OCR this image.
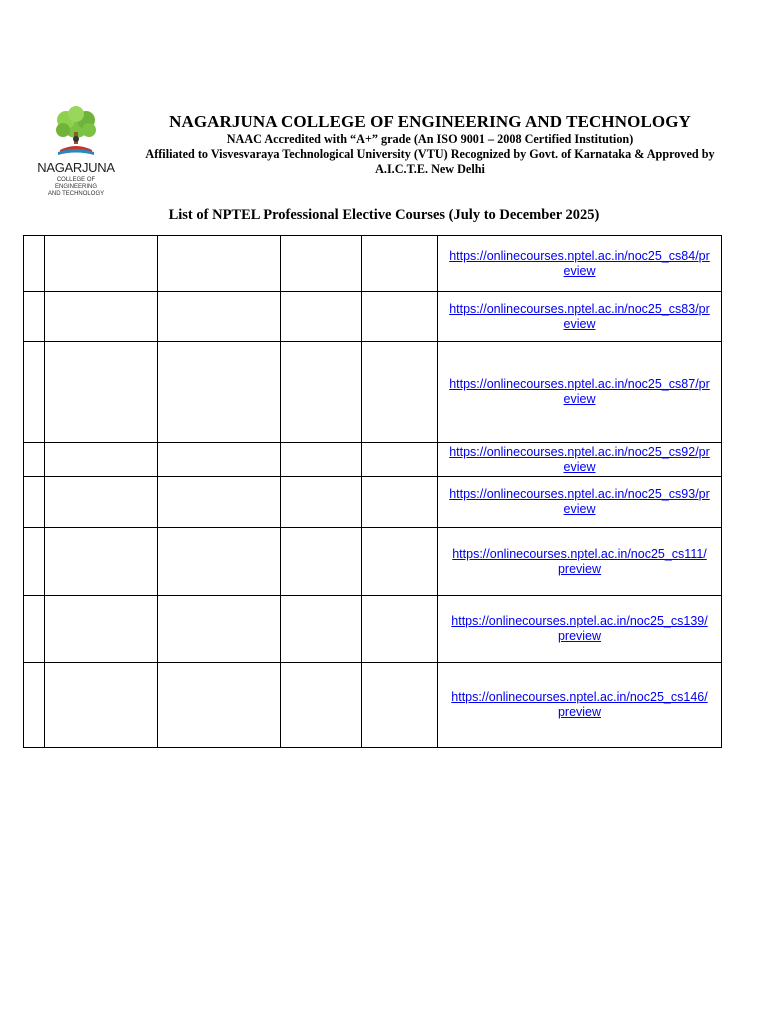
NAGARJUNA
COLLEGE OF ENGINEERING
AND TECHNOLOGY
NAGARJUNA COLLEGE OF ENGINEERING AND TECHNOLOGY
NAAC Accredited with “A+” grade (An ISO 9001 – 2008 Certified Institution)
Affiliated to Visvesvaraya Technological University (VTU) Recognized by Govt. of Karnataka & Approved by
A.I.C.T.E. New Delhi
List of NPTEL Professional Elective Courses (July to December 2025)
					https://onlinecourses.nptel.ac.in/noc25_cs84/pr
eview
					https://onlinecourses.nptel.ac.in/noc25_cs83/pr
eview
					https://onlinecourses.nptel.ac.in/noc25_cs87/pr
eview
					https://onlinecourses.nptel.ac.in/noc25_cs92/pr
eview
					https://onlinecourses.nptel.ac.in/noc25_cs93/pr
eview
					https://onlinecourses.nptel.ac.in/noc25_cs111/
preview
					https://onlinecourses.nptel.ac.in/noc25_cs139/
preview
					https://onlinecourses.nptel.ac.in/noc25_cs146/
preview
